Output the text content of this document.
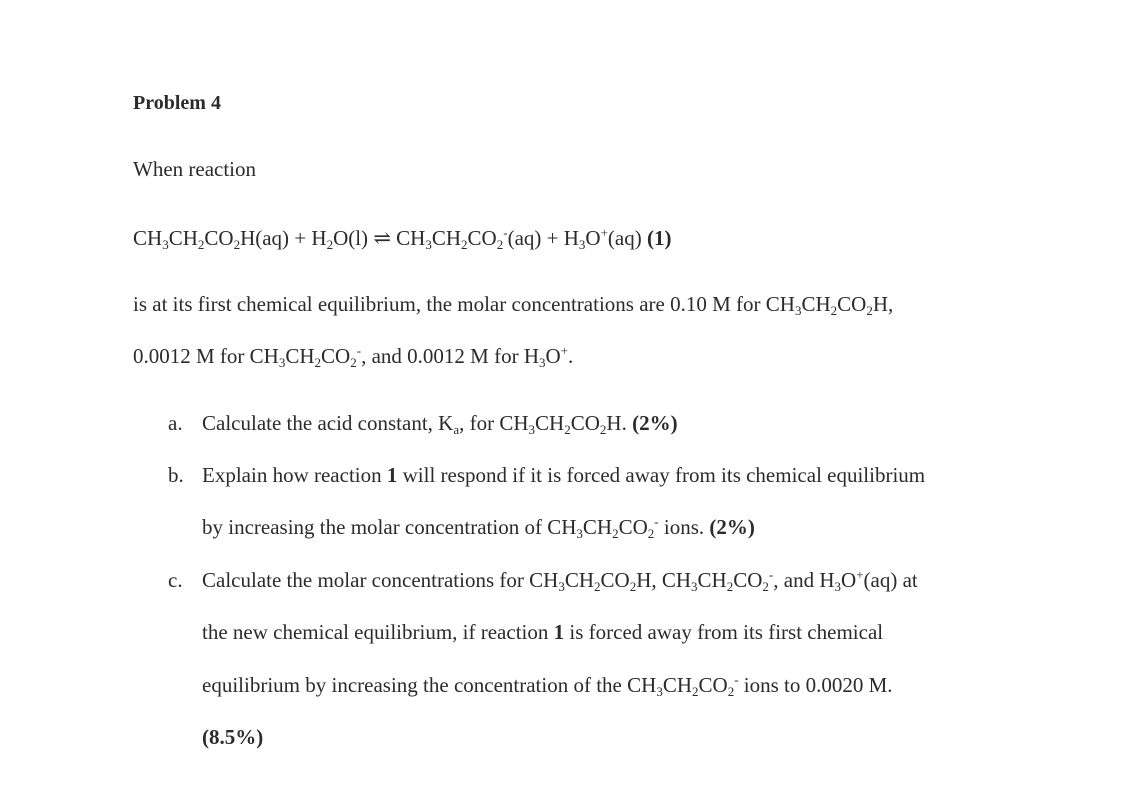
Problem 4
When reaction
$CH_3CH_2CO_2H(aq) + H_2O(l)$ ⇌ $CH_3CH_2CO_2^-(aq) + H_3O^+(aq)$ (1)
is at its first chemical equilibrium, the molar concentrations are 0.10 M for $CH_3CH_2CO_2H$,
0.0012 M for $CH_3CH_2CO_2^-$, and 0.0012 M for $H_3O^+$.
a. Calculate the acid constant, $K_a$, for $CH_3CH_2CO_2H$. (2%)
b. Explain how reaction 1 will respond if it is forced away from its chemical equilibrium
by increasing the molar concentration of $CH_3CH_2CO_2^-$ ions. (2%)
c. Calculate the molar concentrations for $CH_3CH_2CO_2H$, $CH_3CH_2CO_2^-$, and $H_3O^+(aq)$ at
the new chemical equilibrium, if reaction 1 is forced away from its first chemical
equilibrium by increasing the concentration of the $CH_3CH_2CO_2^-$ ions to 0.0020 M.
(8.5%)
